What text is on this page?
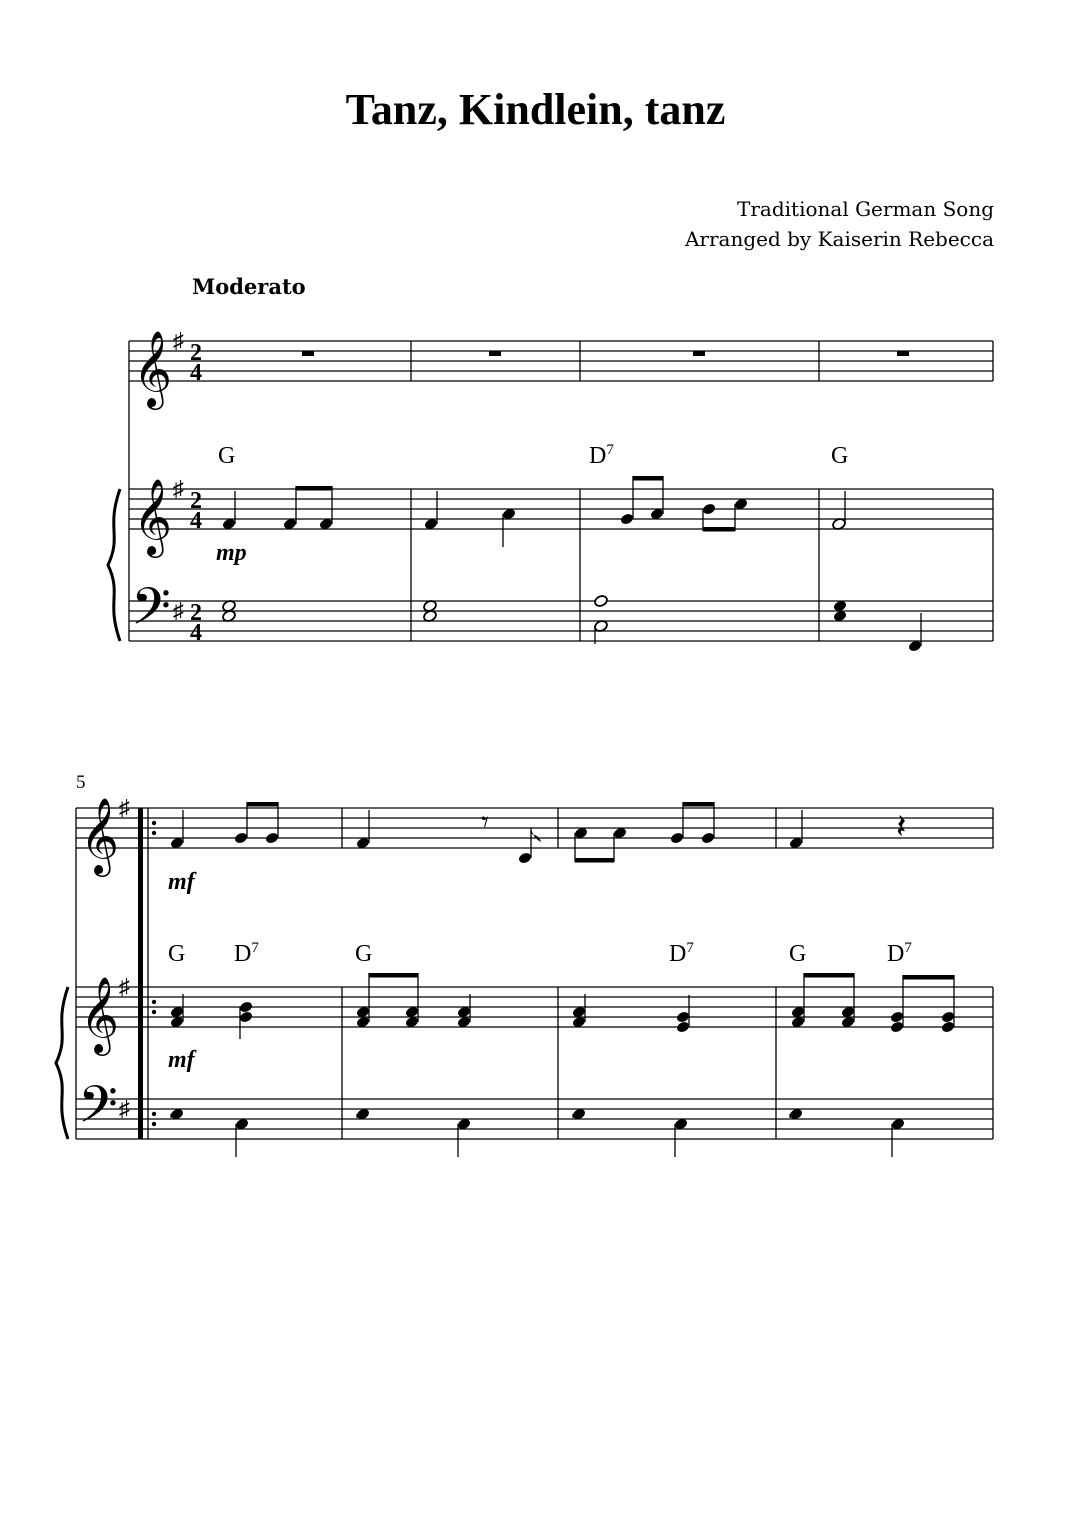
Tanz, Kindlein, tanz
Traditional German Song
Arranged by Kaiserin Rebecca
Moderato
G	$D^7$	G
mp
𝄞
𝄞
𝄢
♯
♯
♯
2
4
2
4
2
4
5
G $D^7$	G	$D^7$	G	$D^7$
mf
mf
𝄞
𝄞
𝄢
♯
♯
♯
𝄾	𝄽
